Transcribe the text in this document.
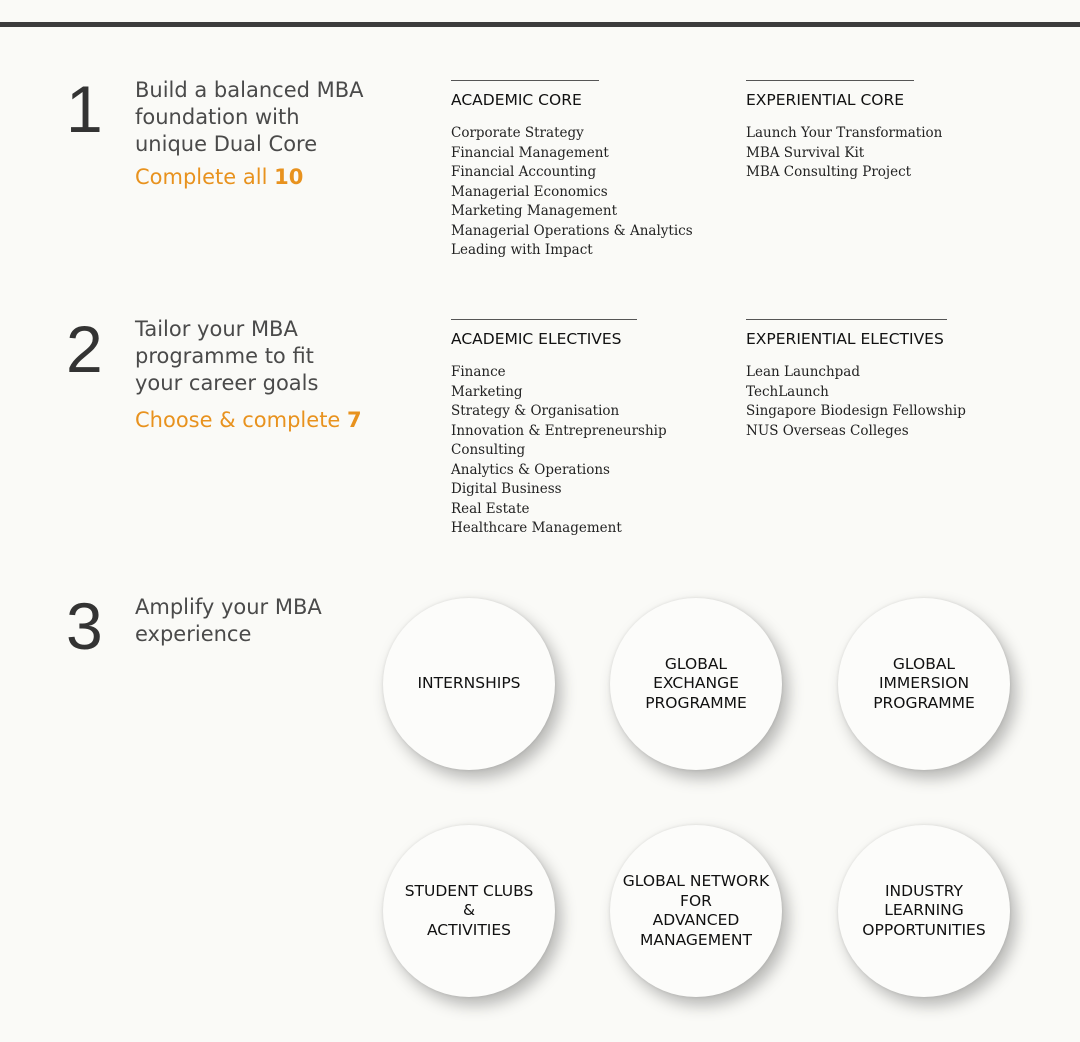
1 Build a balanced MBA
foundation with
unique Dual Core
Complete all 10
ACADEMIC CORE
Corporate Strategy
Financial Management
Financial Accounting
Managerial Economics
Marketing Management
Managerial Operations & Analytics
Leading with Impact
EXPERIENTIAL CORE
Launch Your Transformation
MBA Survival Kit
MBA Consulting Project
2 Tailor your MBA
programme to fit
your career goals
Choose & complete 7
ACADEMIC ELECTIVES
Finance
Marketing
Strategy & Organisation
Innovation & Entrepreneurship
Consulting
Analytics & Operations
Digital Business
Real Estate
Healthcare Management
EXPERIENTIAL ELECTIVES
Lean Launchpad
TechLaunch
Singapore Biodesign Fellowship
NUS Overseas Colleges
3 Amplify your MBA
experience
INTERNSHIPS
GLOBAL
EXCHANGE
PROGRAMME
GLOBAL
IMMERSION
PROGRAMME
STUDENT CLUBS
&
ACTIVITIES
GLOBAL NETWORK
FOR
ADVANCED
MANAGEMENT
INDUSTRY
LEARNING
OPPORTUNITIES
